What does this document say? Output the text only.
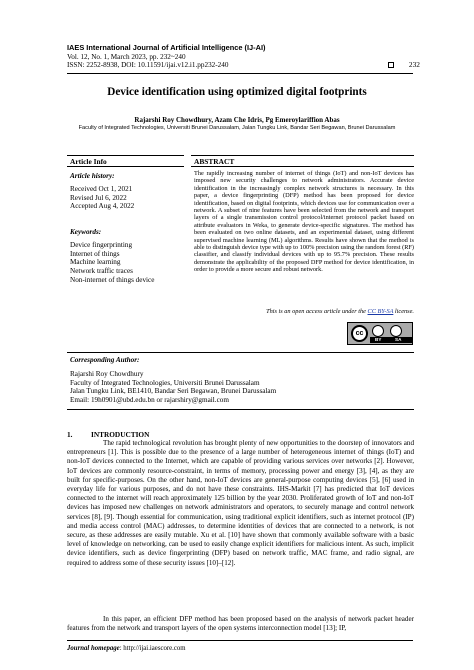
IAES International Journal of Artificial Intelligence (IJ-AI)
Vol. 12, No. 1, March 2023, pp. 232~240
ISSN: 2252-8938, DOI: 10.11591/ijai.v12.i1.pp232-240	232
Device identification using optimized digital footprints
Rajarshi Roy Chowdhury, Azam Che Idris, Pg Emeroylariffion Abas
Faculty of Integrated Technologies, Universiti Brunei Darussalam, Jalan Tungku Link, Bandar Seri Begawan, Brunei Darussalam
Article Info
Article history:
Received Oct 1, 2021
Revised Jul 6, 2022
Accepted Aug 4, 2022
Keywords:
Device fingerprinting
Internet of things
Machine learning
Network traffic traces
Non-internet of things device
ABSTRACT
The rapidly increasing number of internet of things (IoT) and non-IoT devices has imposed new security challenges to network administrators. Accurate device identification in the increasingly complex network structures is necessary. In this paper, a device fingerprinting (DFP) method has been proposed for device identification, based on digital footprints, which devices use for communication over a network. A subset of nine features have been selected from the network and transport layers of a single transmission control protocol/internet protocol packet based on attribute evaluators in Weka, to generate device-specific signatures. The method has been evaluated on two online datasets, and an experimental dataset, using different supervised machine learning (ML) algorithms. Results have shown that the method is able to distinguish device type with up to 100% precision using the random forest (RF) classifier, and classify individual devices with up to 95.7% precision. These results demonstrate the applicability of the proposed DFP method for device identification, in order to provide a more secure and robust network.
This is an open access article under the CC BY-SA license.
cc
BY	SA
Corresponding Author:
Rajarshi Roy Chowdhury
Faculty of Integrated Technologies, Universiti Brunei Darussalam
Jalan Tungku Link, BE1410, Bandar Seri Begawan, Brunei Darussalam
Email: 19h0901@ubd.edu.bn or rajarshiry@gmail.com
1.	INTRODUCTION

The rapid technological revolution has brought plenty of new opportunities to the doorstep of innovators and entrepreneurs [1]. This is possible due to the presence of a large number of heterogeneous internet of things (IoT) and non-IoT devices connected to the Internet, which are capable of providing various services over networks [2]. However, IoT devices are commonly resource-constraint, in terms of memory, processing power and energy [3], [4], as they are built for specific-purposes. On the other hand, non-IoT devices are general-purpose computing devices [5], [6] used in everyday life for various purposes, and do not have these constraints. IHS-Markit [7] has predicted that IoT devices connected to the internet will reach approximately 125 billion by the year 2030. Proliferated growth of IoT and non-IoT devices has imposed new challenges on network administrators and operators, to securely manage and control network services [8], [9]. Though essential for communication, using traditional explicit identifiers, such as internet protocol (IP) and media access control (MAC) addresses, to determine identities of devices that are connected to a network, is not secure, as these addresses are easily mutable. Xu et al. [10] have shown that commonly available software with a basic level of knowledge on networking, can be used to easily change explicit identifiers for malicious intent. As such, implicit device identifiers, such as device fingerprinting (DFP) based on network traffic, MAC frame, and radio signal, are required to address some of these security issues [10]–[12].

In this paper, an efficient DFP method has been proposed based on the analysis of network packet header features from the network and transport layers of the open systems interconnection model [13]; IP,

Journal homepage: http://ijai.iaescore.com
